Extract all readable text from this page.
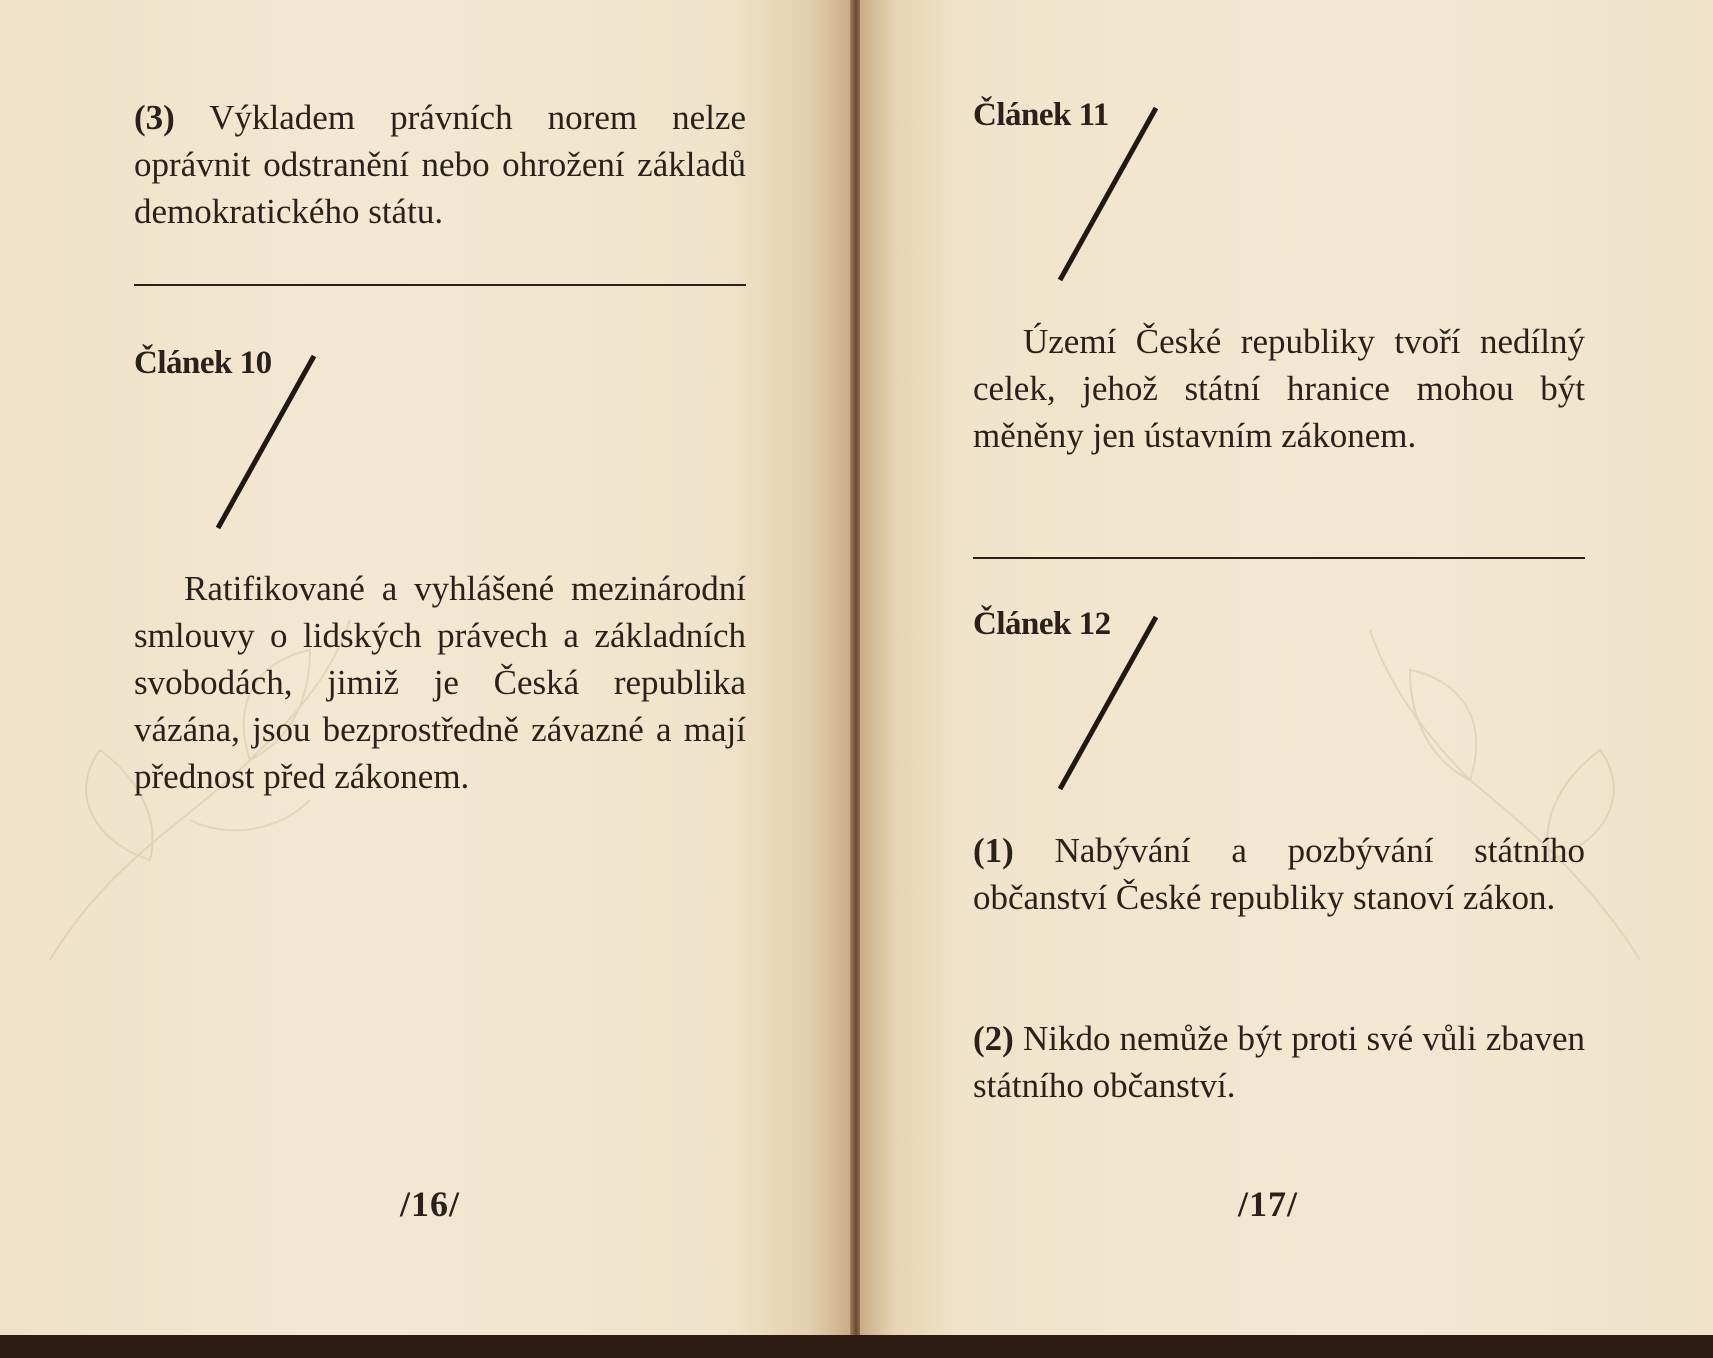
(3) Výkladem právních norem nelze oprávnit odstranění nebo ohrožení základů demokratického státu.
Článek 10
Ratifikované a vyhlášené mezinárodní smlouvy o lidských právech a základních svobodách, jimiž je Česká republika vázána, jsou bezprostředně závazné a mají přednost před zákonem.
/16/
Článek 11
Území České republiky tvoří nedílný celek, jehož státní hranice mohou být měněny jen ústavním zákonem.
Článek 12
(1) Nabývání a pozbývání státního občanství České republiky stanoví zákon.
(2) Nikdo nemůže být proti své vůli zbaven státního občanství.
/17/
